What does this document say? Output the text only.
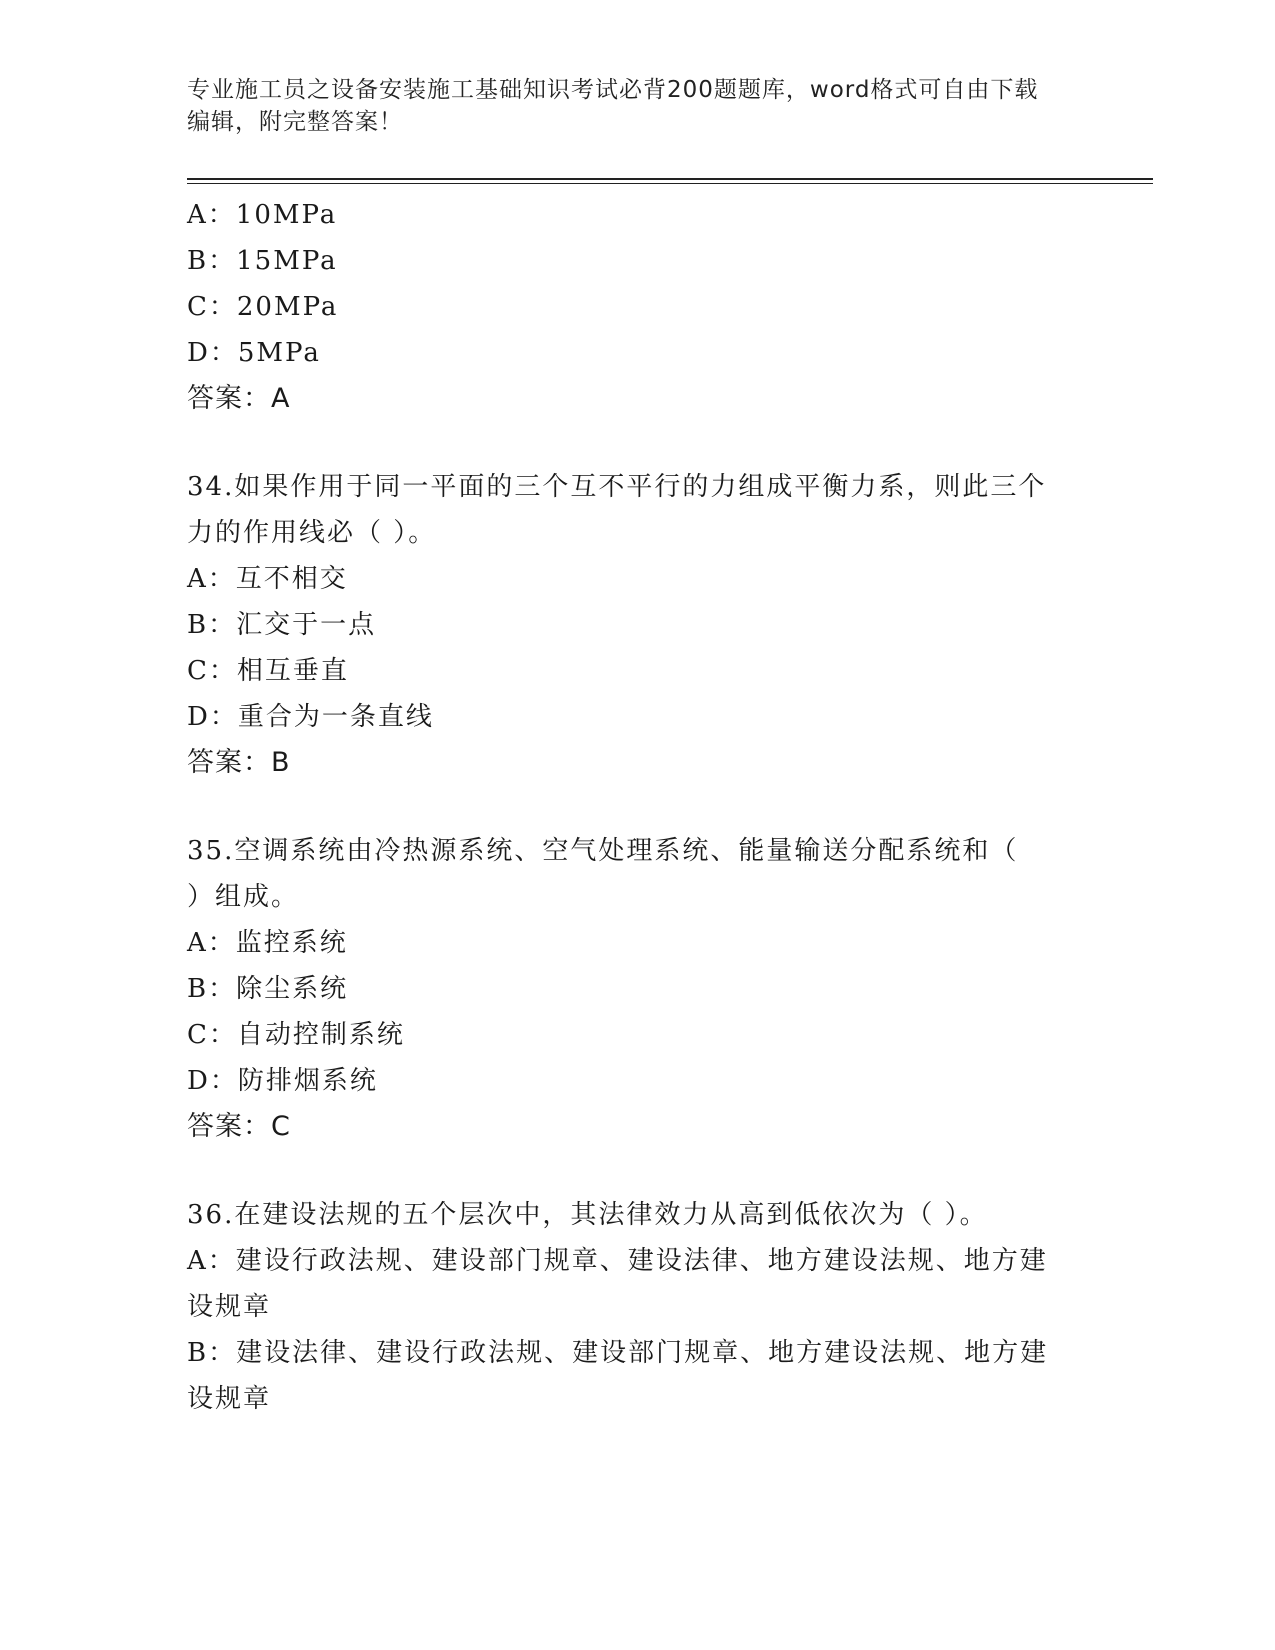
专业施工员之设备安装施工基础知识考试必背200题题库，word格式可自由下载
编辑，附完整答案！
A：10MPa
B：15MPa
C：20MPa
D：5MPa
答案：A
34.如果作用于同一平面的三个互不平行的力组成平衡力系，则此三个
力的作用线必（ ）。
A：互不相交
B：汇交于一点
C：相互垂直
D：重合为一条直线
答案：B
35.空调系统由冷热源系统、空气处理系统、能量输送分配系统和（
）组成。
A：监控系统
B：除尘系统
C：自动控制系统
D：防排烟系统
答案：C
36.在建设法规的五个层次中，其法律效力从高到低依次为（ ）。
A：建设行政法规、建设部门规章、建设法律、地方建设法规、地方建
设规章
B：建设法律、建设行政法规、建设部门规章、地方建设法规、地方建
设规章
